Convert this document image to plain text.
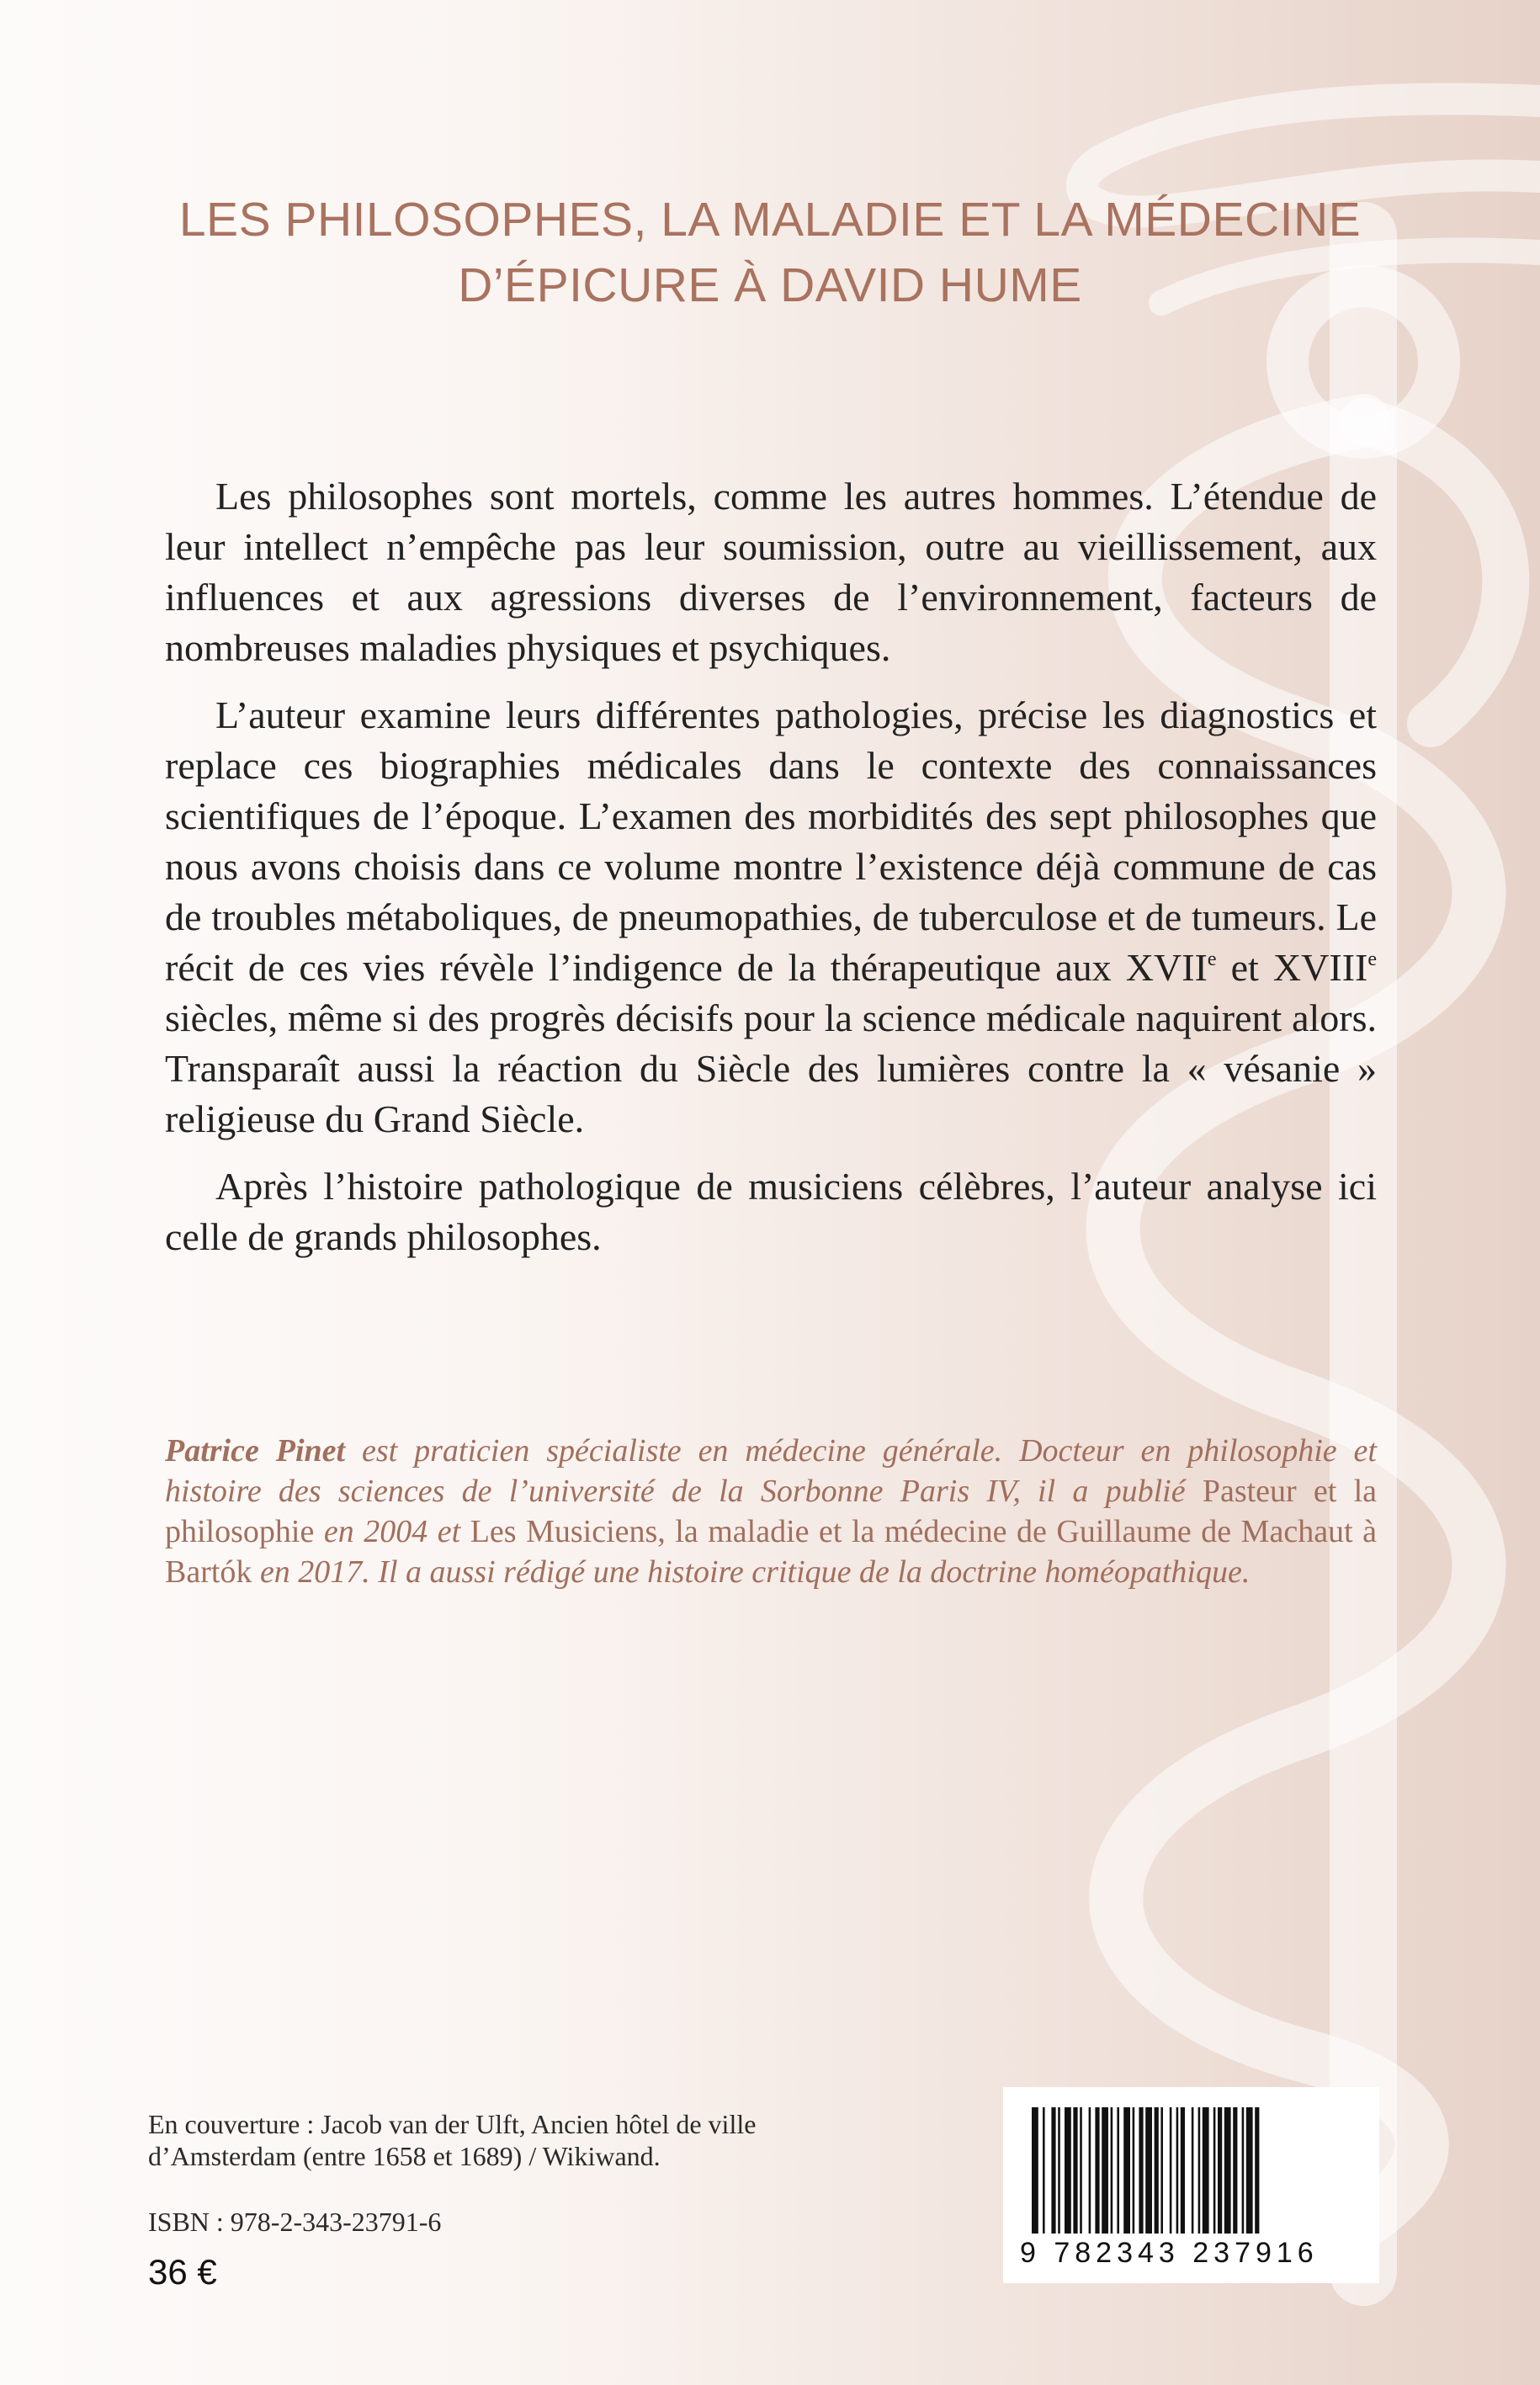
LES PHILOSOPHES, LA MALADIE ET LA MÉDECINE
D’ÉPICURE À DAVID HUME

Les philosophes sont mortels, comme les autres hommes. L’étendue de leur intellect n’empêche pas leur soumission, outre au vieillissement, aux influences et aux agressions diverses de l’environnement, facteurs de nombreuses maladies physiques et psychiques.

L’auteur examine leurs différentes pathologies, précise les diagnostics et replace ces biographies médicales dans le contexte des connaissances scientifiques de l’époque. L’examen des morbidités des sept philosophes que nous avons choisis dans ce volume montre l’existence déjà commune de cas de troubles métaboliques, de pneumopathies, de tuberculose et de tumeurs. Le récit de ces vies révèle l’indigence de la thérapeutique aux XVIIe et XVIIIe siècles, même si des progrès décisifs pour la science médicale naquirent alors. Transparaît aussi la réaction du Siècle des lumières contre la « vésanie » religieuse du Grand Siècle.

Après l’histoire pathologique de musiciens célèbres, l’auteur analyse ici celle de grands philosophes.

Patrice Pinet est praticien spécialiste en médecine générale. Docteur en philosophie et histoire des sciences de l’université de la Sorbonne Paris IV, il a publié Pasteur et la philosophie en 2004 et Les Musiciens, la maladie et la médecine de Guillaume de Machaut à Bartók en 2017. Il a aussi rédigé une histoire critique de la doctrine homéopathique.

En couverture : Jacob van der Ulft, Ancien hôtel de ville
d’Amsterdam (entre 1658 et 1689) / Wikiwand.
ISBN : 978-2-343-23791-6
36 €	9 782343 237916
